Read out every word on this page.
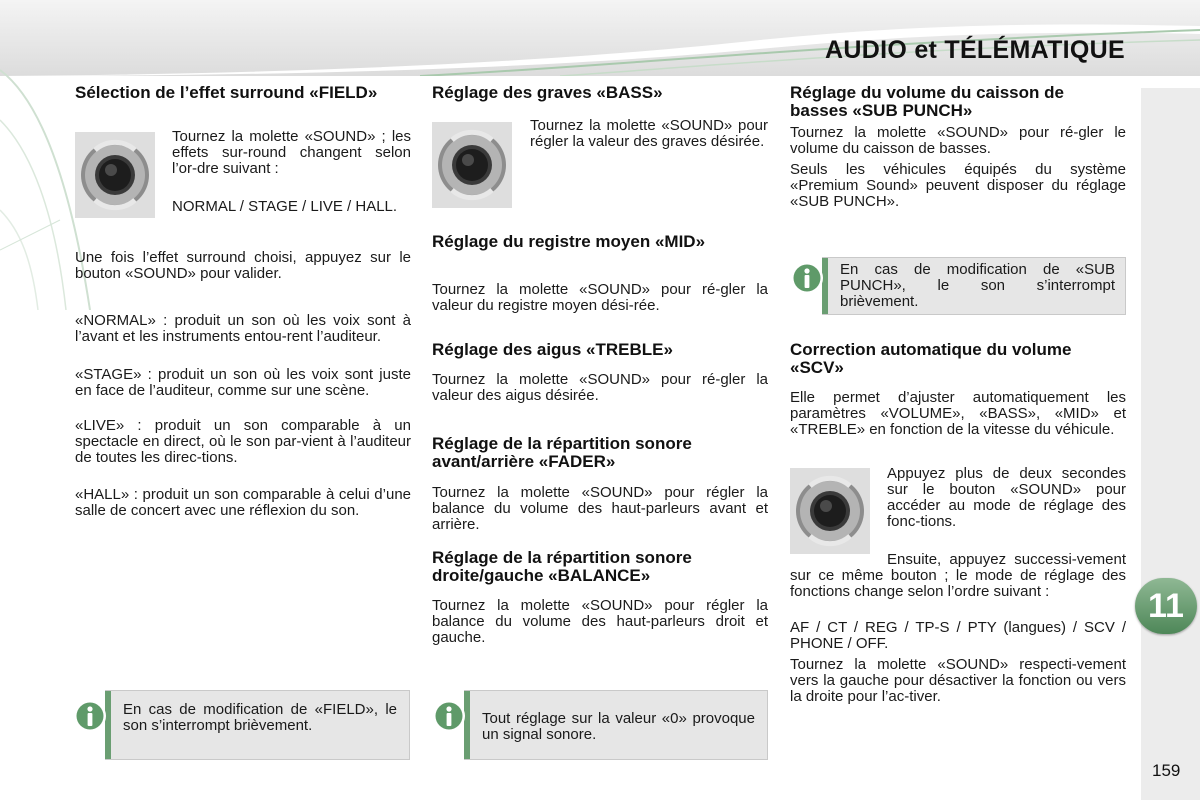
AUDIO et TÉLÉMATIQUE
11
159
Sélection de l’effet surround «FIELD»

Tournez la molette «SOUND» ; les effets sur-round changent selon l’or-dre suivant :

NORMAL / STAGE / LIVE / HALL.

Une fois l’effet surround choisi, appuyez sur le bouton «SOUND» pour valider.

«NORMAL» : produit un son où les voix sont à l’avant et les instruments entou-rent l’auditeur.

«STAGE» : produit un son où les voix sont juste en face de l’auditeur, comme sur une scène.

«LIVE» : produit un son comparable à un spectacle en direct, où le son par-vient à l’auditeur de toutes les direc-tions.

«HALL» : produit un son comparable à celui d’une salle de concert avec une réflexion du son.

En cas de modification de «FIELD», le son s’interrompt brièvement.
Réglage des graves «BASS»

Tournez la molette «SOUND» pour régler la valeur des graves désirée.

Réglage du registre moyen «MID»

Tournez la molette «SOUND» pour ré-gler la valeur du registre moyen dési-rée.

Réglage des aigus «TREBLE»

Tournez la molette «SOUND» pour ré-gler la valeur des aigus désirée.

Réglage de la répartition sonore avant/arrière «FADER»

Tournez la molette «SOUND» pour régler la balance du volume des haut-parleurs avant et arrière.

Réglage de la répartition sonore droite/gauche «BALANCE»

Tournez la molette «SOUND» pour régler la balance du volume des haut-parleurs droit et gauche.

Tout réglage sur la valeur «0» provoque un signal sonore.
Réglage du volume du caisson de basses «SUB PUNCH»

Tournez la molette «SOUND» pour ré-gler le volume du caisson de basses.

Seuls les véhicules équipés du système «Premium Sound» peuvent disposer du réglage «SUB PUNCH».

Correction automatique du volume «SCV»

Elle permet d’ajuster automatiquement les paramètres «VOLUME», «BASS», «MID» et «TREBLE» en fonction de la vitesse du véhicule.

Appuyez plus de deux secondes sur le bouton «SOUND» pour accéder au mode de réglage des fonc-tions.

Ensuite, appuyez successi-vement sur ce même bouton ; le mode de réglage des fonctions change selon l’ordre suivant :

AF / CT / REG / TP-S / PTY (langues) / SCV / PHONE / OFF.

Tournez la molette «SOUND» respecti-vement vers la gauche pour désactiver la fonction ou vers la droite pour l’ac-tiver.

En cas de modification de «SUB PUNCH», le son s’interrompt brièvement.
